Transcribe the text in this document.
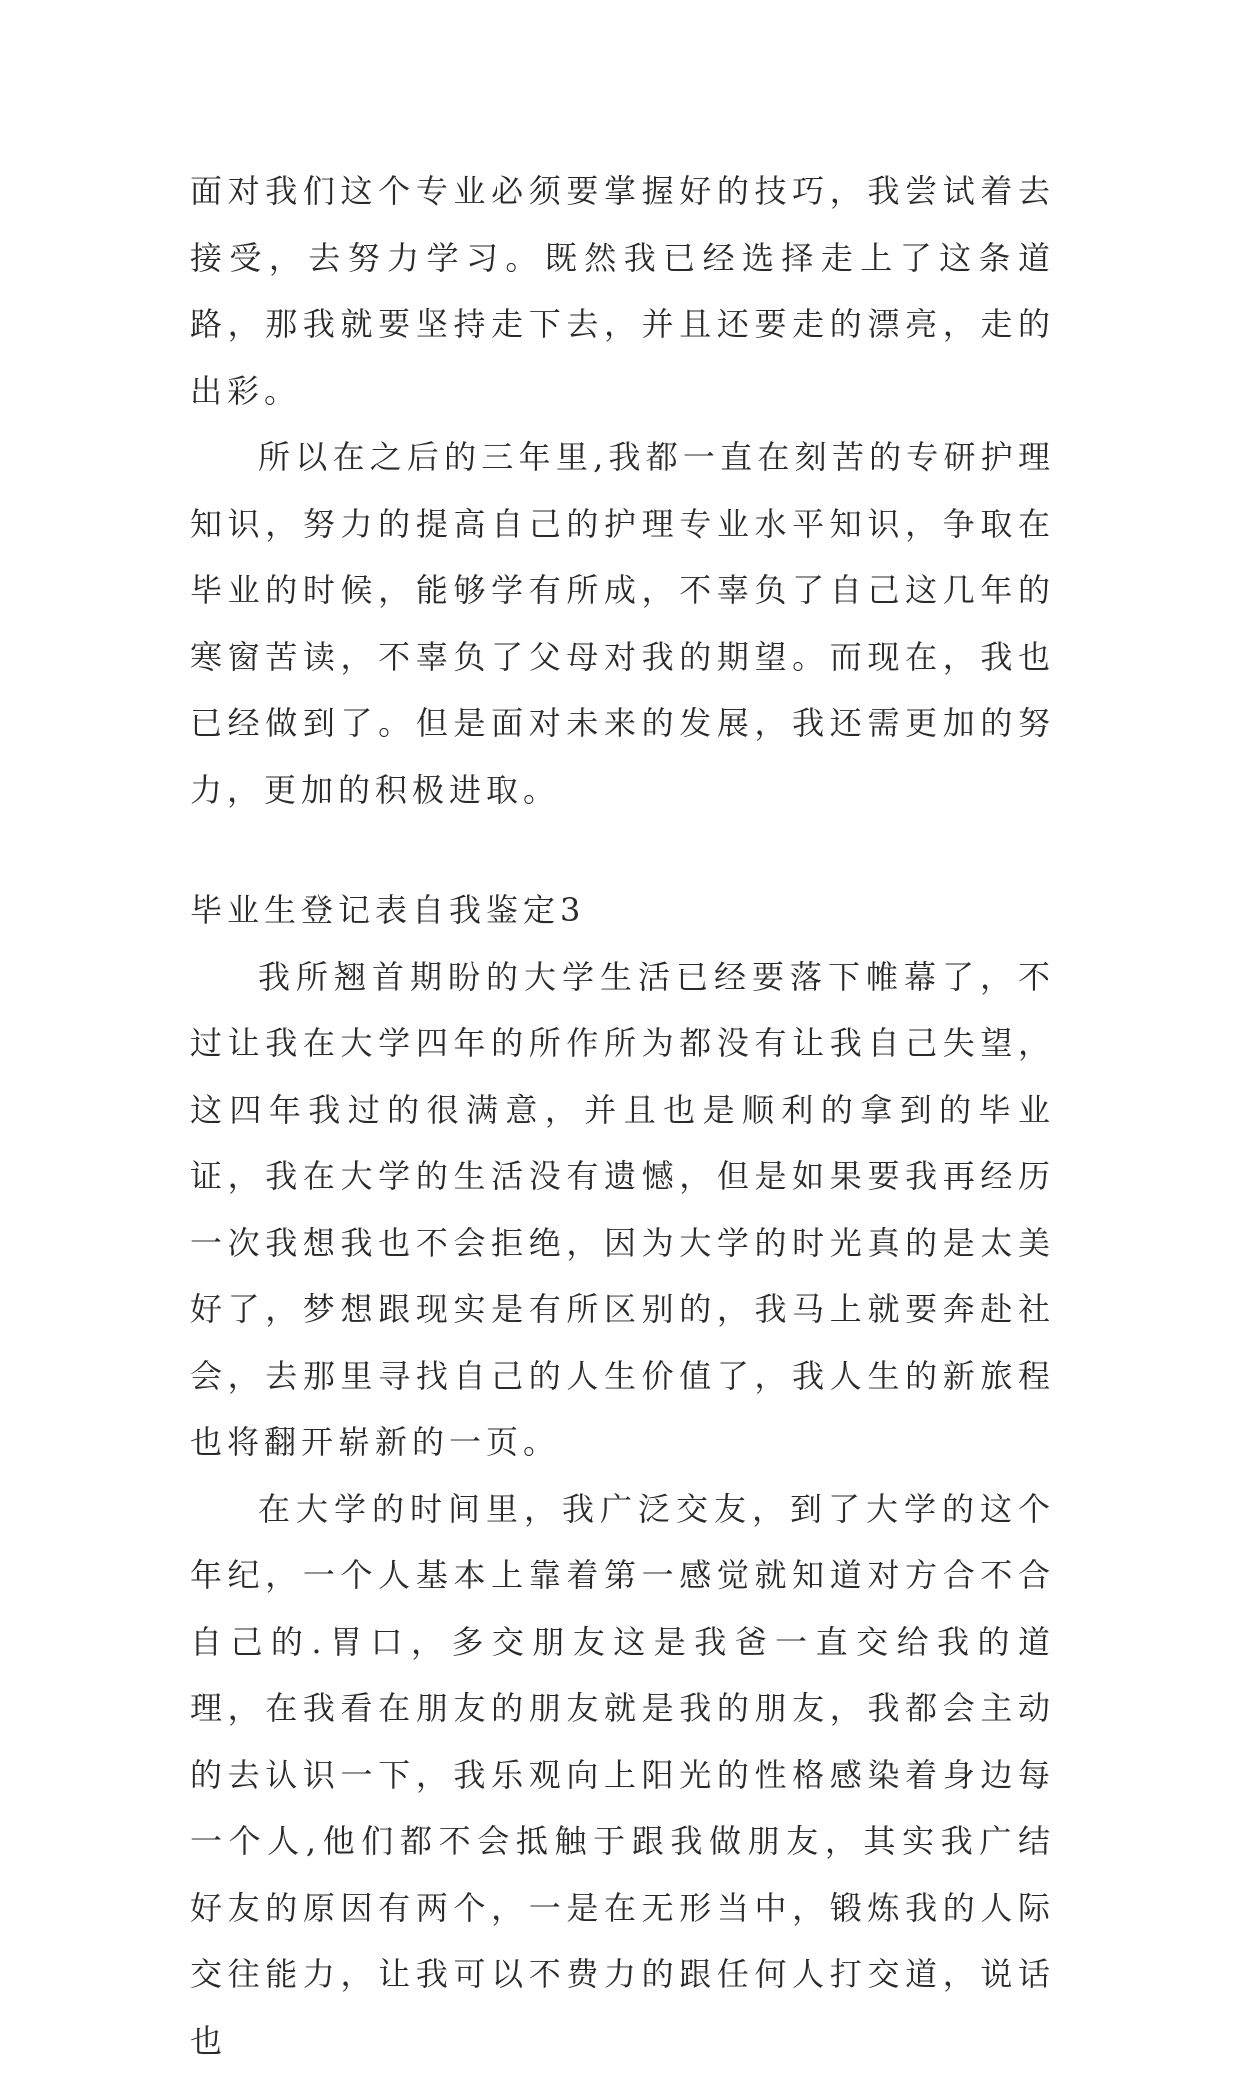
面对我们这个专业必须要掌握好的技巧，我尝试着去接受，去努力学习。既然我已经选择走上了这条道路，那我就要坚持走下去，并且还要走的漂亮，走的出彩。

所以在之后的三年里,我都一直在刻苦的专研护理知识，努力的提高自己的护理专业水平知识，争取在毕业的时候，能够学有所成，不辜负了自己这几年的寒窗苦读，不辜负了父母对我的期望。而现在，我也已经做到了。但是面对未来的发展，我还需更加的努力，更加的积极进取。

毕业生登记表自我鉴定3

我所翘首期盼的大学生活已经要落下帷幕了，不过让我在大学四年的所作所为都没有让我自己失望，这四年我过的很满意，并且也是顺利的拿到的毕业证，我在大学的生活没有遗憾，但是如果要我再经历一次我想我也不会拒绝，因为大学的时光真的是太美好了，梦想跟现实是有所区别的，我马上就要奔赴社会，去那里寻找自己的人生价值了，我人生的新旅程也将翻开崭新的一页。

在大学的时间里，我广泛交友，到了大学的这个年纪，一个人基本上靠着第一感觉就知道对方合不合自己的.胃口，多交朋友这是我爸一直交给我的道理，在我看在朋友的朋友就是我的朋友，我都会主动的去认识一下，我乐观向上阳光的性格感染着身边每一个人,他们都不会抵触于跟我做朋友，其实我广结好友的原因有两个，一是在无形当中，锻炼我的人际交往能力，让我可以不费力的跟任何人打交道，说话也
